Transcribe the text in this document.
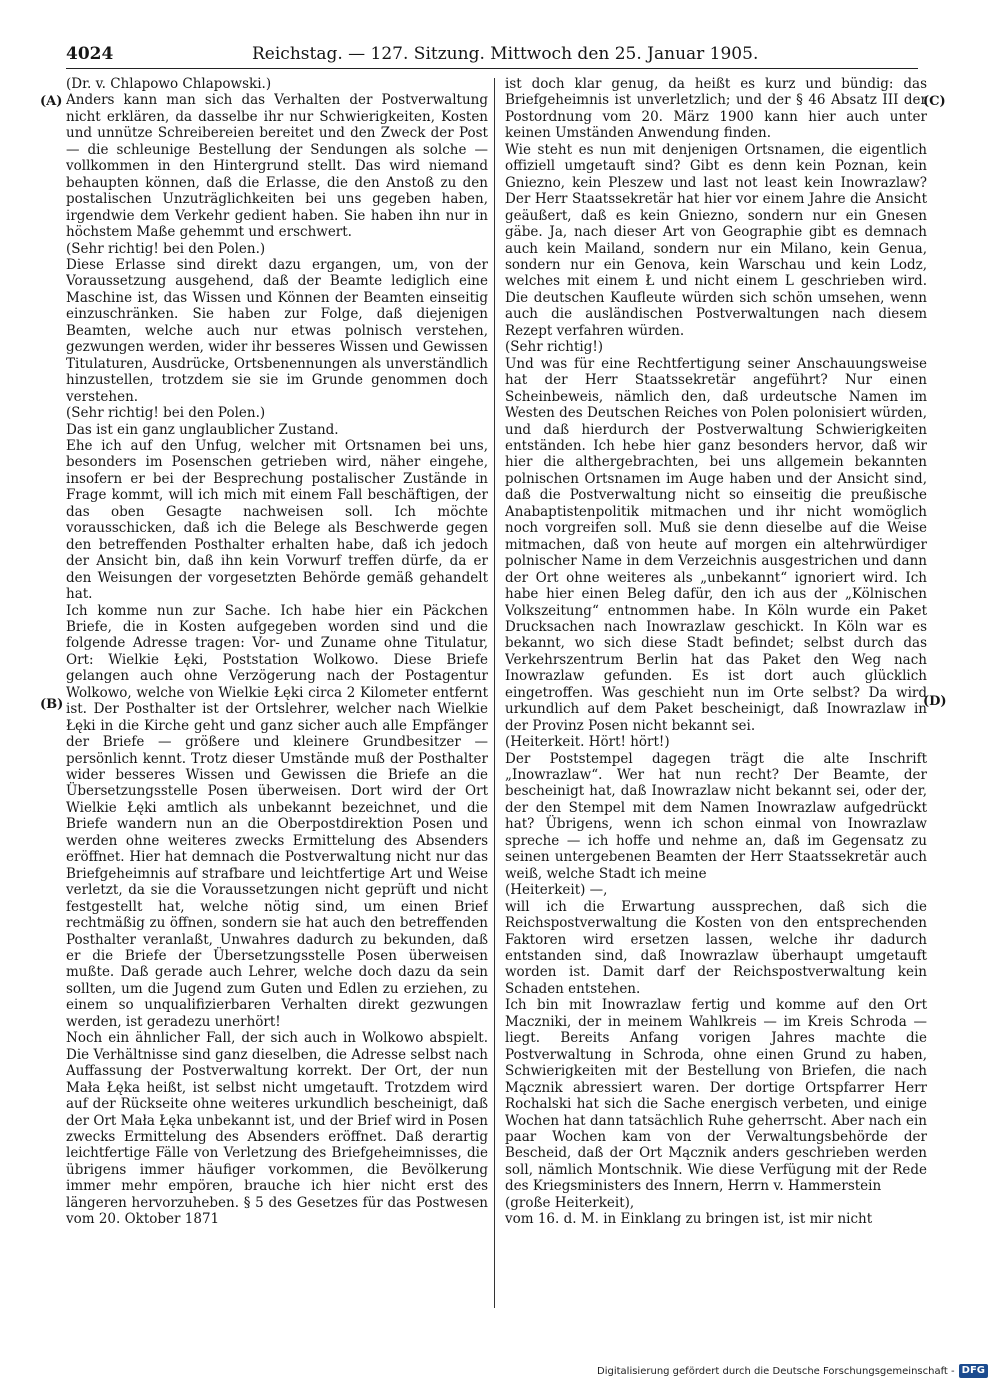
4024	Reichstag. — 127. Sitzung. Mittwoch den 25. Januar 1905.
(Dr. v. Chlapowo Chlapowski.)
Anders kann man sich das Verhalten der Postverwaltung nicht erklären, da dasselbe ihr nur Schwierigkeiten, Kosten und unnütze Schreibereien bereitet und den Zweck der Post — die schleunige Bestellung der Sendungen als solche — vollkommen in den Hintergrund stellt. Das wird niemand behaupten können, daß die Erlasse, die den Anstoß zu den postalischen Unzuträglichkeiten bei uns gegeben haben, irgendwie dem Verkehr gedient haben. Sie haben ihn nur in höchstem Maße gehemmt und erschwert.
(Sehr richtig! bei den Polen.)
Diese Erlasse sind direkt dazu ergangen, um, von der Voraussetzung ausgehend, daß der Beamte lediglich eine Maschine ist, das Wissen und Können der Beamten einseitig einzuschränken. Sie haben zur Folge, daß diejenigen Beamten, welche auch nur etwas polnisch verstehen, gezwungen werden, wider ihr besseres Wissen und Gewissen Titulaturen, Ausdrücke, Ortsbenennungen als unverständlich hinzustellen, trotzdem sie sie im Grunde genommen doch verstehen.
(Sehr richtig! bei den Polen.)
Das ist ein ganz unglaublicher Zustand.
Ehe ich auf den Unfug, welcher mit Ortsnamen bei uns, besonders im Posenschen getrieben wird, näher eingehe, insofern er bei der Besprechung postalischer Zustände in Frage kommt, will ich mich mit einem Fall beschäftigen, der das oben Gesagte nachweisen soll. Ich möchte vorausschicken, daß ich die Belege als Beschwerde gegen den betreffenden Posthalter erhalten habe, daß ich jedoch der Ansicht bin, daß ihn kein Vorwurf treffen dürfe, da er den Weisungen der vorgesetzten Behörde gemäß gehandelt hat.
Ich komme nun zur Sache. Ich habe hier ein Päckchen Briefe, die in Kosten aufgegeben worden sind und die folgende Adresse tragen: Vor- und Zuname ohne Titulatur, Ort: Wielkie Łęki, Poststation Wolkowo. Diese Briefe gelangen auch ohne Verzögerung nach der Postagentur Wolkowo, welche von Wielkie Łęki circa 2 Kilometer entfernt ist. Der Posthalter ist der Ortslehrer, welcher nach Wielkie Łęki in die Kirche geht und ganz sicher auch alle Empfänger der Briefe — größere und kleinere Grundbesitzer — persönlich kennt. Trotz dieser Umstände muß der Posthalter wider besseres Wissen und Gewissen die Briefe an die Übersetzungsstelle Posen überweisen. Dort wird der Ort Wielkie Łęki amtlich als unbekannt bezeichnet, und die Briefe wandern nun an die Oberpostdirektion Posen und werden ohne weiteres zwecks Ermittelung des Absenders eröffnet. Hier hat demnach die Postverwaltung nicht nur das Briefgeheimnis auf strafbare und leichtfertige Art und Weise verletzt, da sie die Voraussetzungen nicht geprüft und nicht festgestellt hat, welche nötig sind, um einen Brief rechtmäßig zu öffnen, sondern sie hat auch den betreffenden Posthalter veranlaßt, Unwahres dadurch zu bekunden, daß er die Briefe der Übersetzungsstelle Posen überweisen mußte. Daß gerade auch Lehrer, welche doch dazu da sein sollten, um die Jugend zum Guten und Edlen zu erziehen, zu einem so unqualifizierbaren Verhalten direkt gezwungen werden, ist geradezu unerhört!
Noch ein ähnlicher Fall, der sich auch in Wolkowo abspielt. Die Verhältnisse sind ganz dieselben, die Adresse selbst nach Auffassung der Postverwaltung korrekt. Der Ort, der nun Mała Łęka heißt, ist selbst nicht umgetauft. Trotzdem wird auf der Rückseite ohne weiteres urkundlich bescheinigt, daß der Ort Mała Łęka unbekannt ist, und der Brief wird in Posen zwecks Ermittelung des Absenders eröffnet. Daß derartig leichtfertige Fälle von Verletzung des Briefgeheimnisses, die übrigens immer häufiger vorkommen, die Bevölkerung immer mehr empören, brauche ich hier nicht erst des längeren hervorzuheben. § 5 des Gesetzes für das Postwesen vom 20. Oktober 1871
ist doch klar genug, da heißt es kurz und bündig: das Briefgeheimnis ist unverletzlich; und der § 46 Absatz III der Postordnung vom 20. März 1900 kann hier auch unter keinen Umständen Anwendung finden.
Wie steht es nun mit denjenigen Ortsnamen, die eigentlich offiziell umgetauft sind? Gibt es denn kein Poznan, kein Gniezno, kein Pleszew und last not least kein Inowrazlaw? Der Herr Staatssekretär hat hier vor einem Jahre die Ansicht geäußert, daß es kein Gniezno, sondern nur ein Gnesen gäbe. Ja, nach dieser Art von Geographie gibt es demnach auch kein Mailand, sondern nur ein Milano, kein Genua, sondern nur ein Genova, kein Warschau und kein Lodz, welches mit einem Ł und nicht einem L geschrieben wird. Die deutschen Kaufleute würden sich schön umsehen, wenn auch die ausländischen Postverwaltungen nach diesem Rezept verfahren würden.
(Sehr richtig!)
Und was für eine Rechtfertigung seiner Anschauungsweise hat der Herr Staatssekretär angeführt? Nur einen Scheinbeweis, nämlich den, daß urdeutsche Namen im Westen des Deutschen Reiches von Polen polonisiert würden, und daß hierdurch der Postverwaltung Schwierigkeiten entständen. Ich hebe hier ganz besonders hervor, daß wir hier die althergebrachten, bei uns allgemein bekannten polnischen Ortsnamen im Auge haben und der Ansicht sind, daß die Postverwaltung nicht so einseitig die preußische Anabaptistenpolitik mitmachen und ihr nicht womöglich noch vorgreifen soll. Muß sie denn dieselbe auf die Weise mitmachen, daß von heute auf morgen ein altehrwürdiger polnischer Name in dem Verzeichnis ausgestrichen und dann der Ort ohne weiteres als „unbekannt“ ignoriert wird. Ich habe hier einen Beleg dafür, den ich aus der „Kölnischen Volkszeitung“ entnommen habe. In Köln wurde ein Paket Drucksachen nach Inowrazlaw geschickt. In Köln war es bekannt, wo sich diese Stadt befindet; selbst durch das Verkehrszentrum Berlin hat das Paket den Weg nach Inowrazlaw gefunden. Es ist dort auch glücklich eingetroffen. Was geschieht nun im Orte selbst? Da wird urkundlich auf dem Paket bescheinigt, daß Inowrazlaw in der Provinz Posen nicht bekannt sei.
(Heiterkeit. Hört! hört!)
Der Poststempel dagegen trägt die alte Inschrift „Inowrazlaw“. Wer hat nun recht? Der Beamte, der bescheinigt hat, daß Inowrazlaw nicht bekannt sei, oder der, der den Stempel mit dem Namen Inowrazlaw aufgedrückt hat? Übrigens, wenn ich schon einmal von Inowrazlaw spreche — ich hoffe und nehme an, daß im Gegensatz zu seinen untergebenen Beamten der Herr Staatssekretär auch weiß, welche Stadt ich meine
(Heiterkeit) —,
will ich die Erwartung aussprechen, daß sich die Reichspostverwaltung die Kosten von den entsprechenden Faktoren wird ersetzen lassen, welche ihr dadurch entstanden sind, daß Inowrazlaw überhaupt umgetauft worden ist. Damit darf der Reichspostverwaltung kein Schaden entstehen.
Ich bin mit Inowrazlaw fertig und komme auf den Ort Maczniki, der in meinem Wahlkreis — im Kreis Schroda — liegt. Bereits Anfang vorigen Jahres machte die Postverwaltung in Schroda, ohne einen Grund zu haben, Schwierigkeiten mit der Bestellung von Briefen, die nach Mącznik abressiert waren. Der dortige Ortspfarrer Herr Rochalski hat sich die Sache energisch verbeten, und einige Wochen hat dann tatsächlich Ruhe geherrscht. Aber nach ein paar Wochen kam von der Verwaltungsbehörde der Bescheid, daß der Ort Mącznik anders geschrieben werden soll, nämlich Montschnik. Wie diese Verfügung mit der Rede des Kriegsministers des Innern, Herrn v. Hammerstein
(große Heiterkeit),
vom 16. d. M. in Einklang zu bringen ist, ist mir nicht
(A)
(B)
(C)
(D)
Digitalisierung gefördert durch die Deutsche Forschungsgemeinschaft - DFG
